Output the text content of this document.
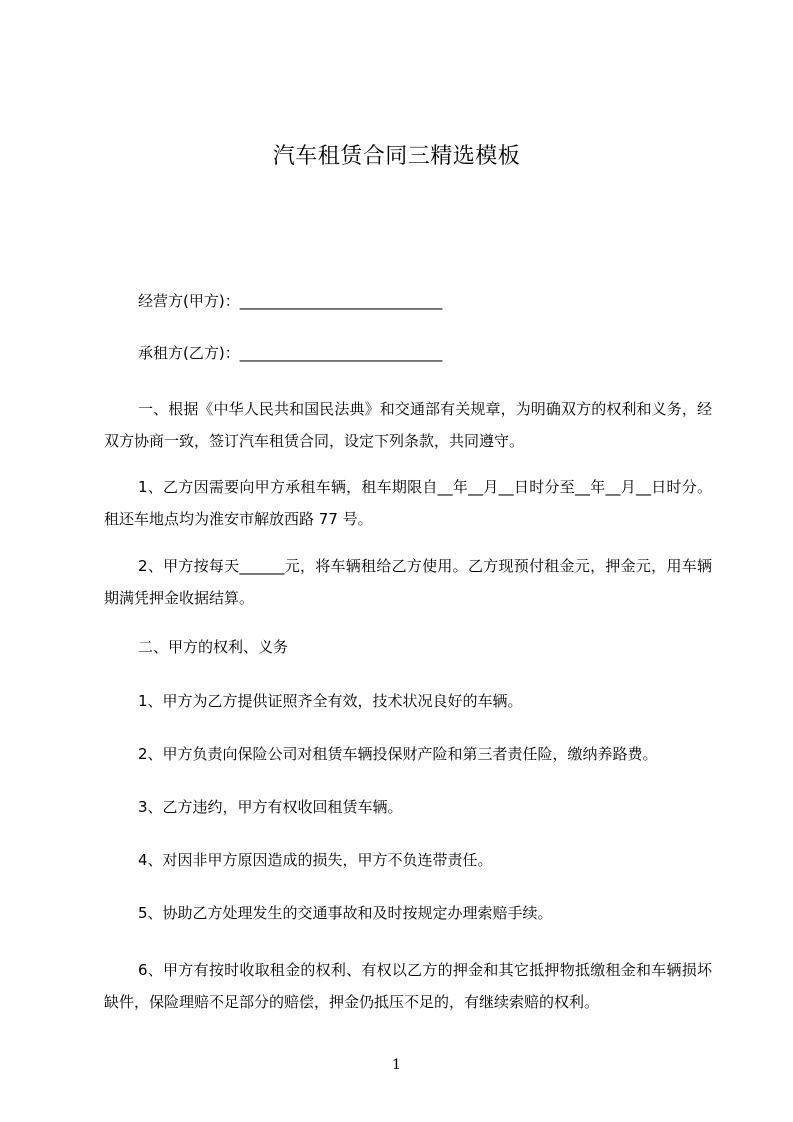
汽车租赁合同三精选模板

经营方(甲方)：___________________________

承租方(乙方)：___________________________

一、根据《中华人民共和国民法典》和交通部有关规章，为明确双方的权利和义务，经双方协商一致，签订汽车租赁合同，设定下列条款，共同遵守。

1、乙方因需要向甲方承租车辆，租车期限自__年__月__日时分至__年__月__日时分。租还车地点均为淮安市解放西路 77 号。

2、甲方按每天______元，将车辆租给乙方使用。乙方现预付租金元，押金元，用车辆期满凭押金收据结算。

二、甲方的权利、义务

1、甲方为乙方提供证照齐全有效，技术状况良好的车辆。

2、甲方负责向保险公司对租赁车辆投保财产险和第三者责任险，缴纳养路费。

3、乙方违约，甲方有权收回租赁车辆。

4、对因非甲方原因造成的损失，甲方不负连带责任。

5、协助乙方处理发生的交通事故和及时按规定办理索赔手续。

6、甲方有按时收取租金的权利、有权以乙方的押金和其它抵押物抵缴租金和车辆损坏缺件，保险理赔不足部分的赔偿，押金仍抵压不足的，有继续索赔的权利。

1
